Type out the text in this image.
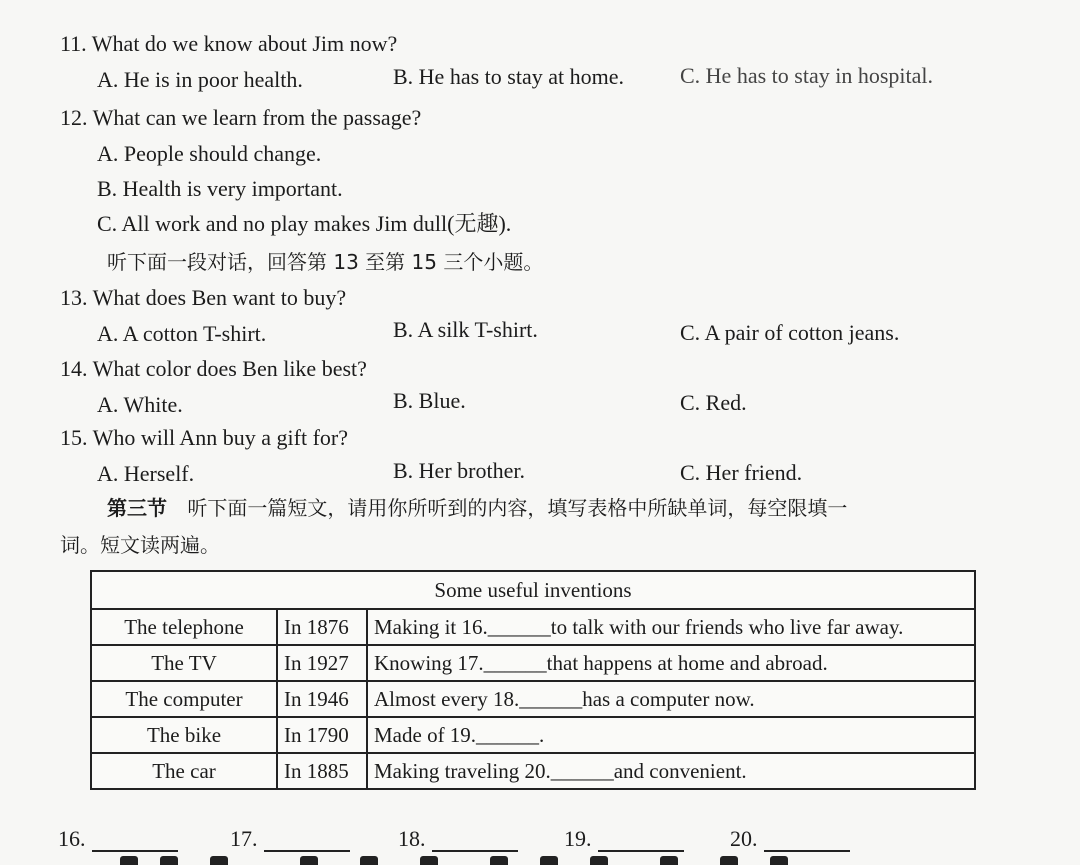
11. What do we know about Jim now?
A. He is in poor health.	B. He has to stay at home.	C. He has to stay in hospital.
12. What can we learn from the passage?
A. People should change.
B. Health is very important.
C. All work and no play makes Jim dull(无趣).
听下面一段对话，回答第 13 至第 15 三个小题。
13. What does Ben want to buy?
A. A cotton T-shirt.	B. A silk T-shirt.	C. A pair of cotton jeans.
14. What color does Ben like best?
A. White.	B. Blue.	C. Red.
15. Who will Ann buy a gift for?
A. Herself.	B. Her brother.	C. Her friend.
第三节 听下面一篇短文，请用你所听到的内容，填写表格中所缺单词，每空限填一
词。短文读两遍。
Some useful inventions		
The telephone	In 1876	Making it 16.______to talk with our friends who live far away.
The TV	In 1927	Knowing 17.______that happens at home and abroad.
The computer	In 1946	Almost every 18.______has a computer now.
The bike	In 1790	Made of 19.______.
The car	In 1885	Making traveling 20.______and convenient.
16.	17.	18.	19.	20.
